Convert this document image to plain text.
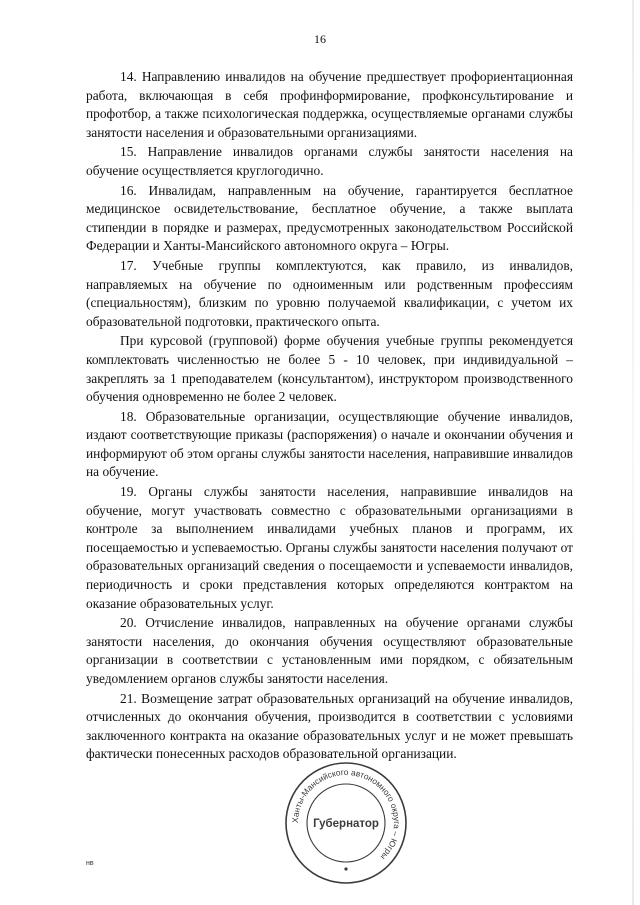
16

14. Направлению инвалидов на обучение предшествует профориентационная работа, включающая в себя профинформирование, профконсультирование и профотбор, а также психологическая поддержка, осуществляемые органами службы занятости населения и образовательными организациями.

15. Направление инвалидов органами службы занятости населения на обучение осуществляется круглогодично.

16. Инвалидам, направленным на обучение, гарантируется бесплатное медицинское освидетельствование, бесплатное обучение, а также выплата стипендии в порядке и размерах, предусмотренных законодательством Российской Федерации и Ханты-Мансийского автономного округа – Югры.

17. Учебные группы комплектуются, как правило, из инвалидов, направляемых на обучение по одноименным или родственным профессиям (специальностям), близким по уровню получаемой квалификации, с учетом их образовательной подготовки, практического опыта.

При курсовой (групповой) форме обучения учебные группы рекомендуется комплектовать численностью не более 5 - 10 человек, при индивидуальной – закреплять за 1 преподавателем (консультантом), инструктором производственного обучения одновременно не более 2 человек.

18. Образовательные организации, осуществляющие обучение инвалидов, издают соответствующие приказы (распоряжения) о начале и окончании обучения и информируют об этом органы службы занятости населения, направившие инвалидов на обучение.

19. Органы службы занятости населения, направившие инвалидов на обучение, могут участвовать совместно с образовательными организациями в контроле за выполнением инвалидами учебных планов и программ, их посещаемостью и успеваемостью. Органы службы занятости населения получают от образовательных организаций сведения о посещаемости и успеваемости инвалидов, периодичность и сроки представления которых определяются контрактом на оказание образовательных услуг.

20. Отчисление инвалидов, направленных на обучение органами службы занятости населения, до окончания обучения осуществляют образовательные организации в соответствии с установленным ими порядком, с обязательным уведомлением органов службы занятости населения.

21. Возмещение затрат образовательных организаций на обучение инвалидов, отчисленных до окончания обучения, производится в соответствии с условиями заключенного контракта на оказание образовательных услуг и не может превышать фактически понесенных расходов образовательной организации.

Ханты-Мансийского автономного округа – Югры
Губернатор
нв
